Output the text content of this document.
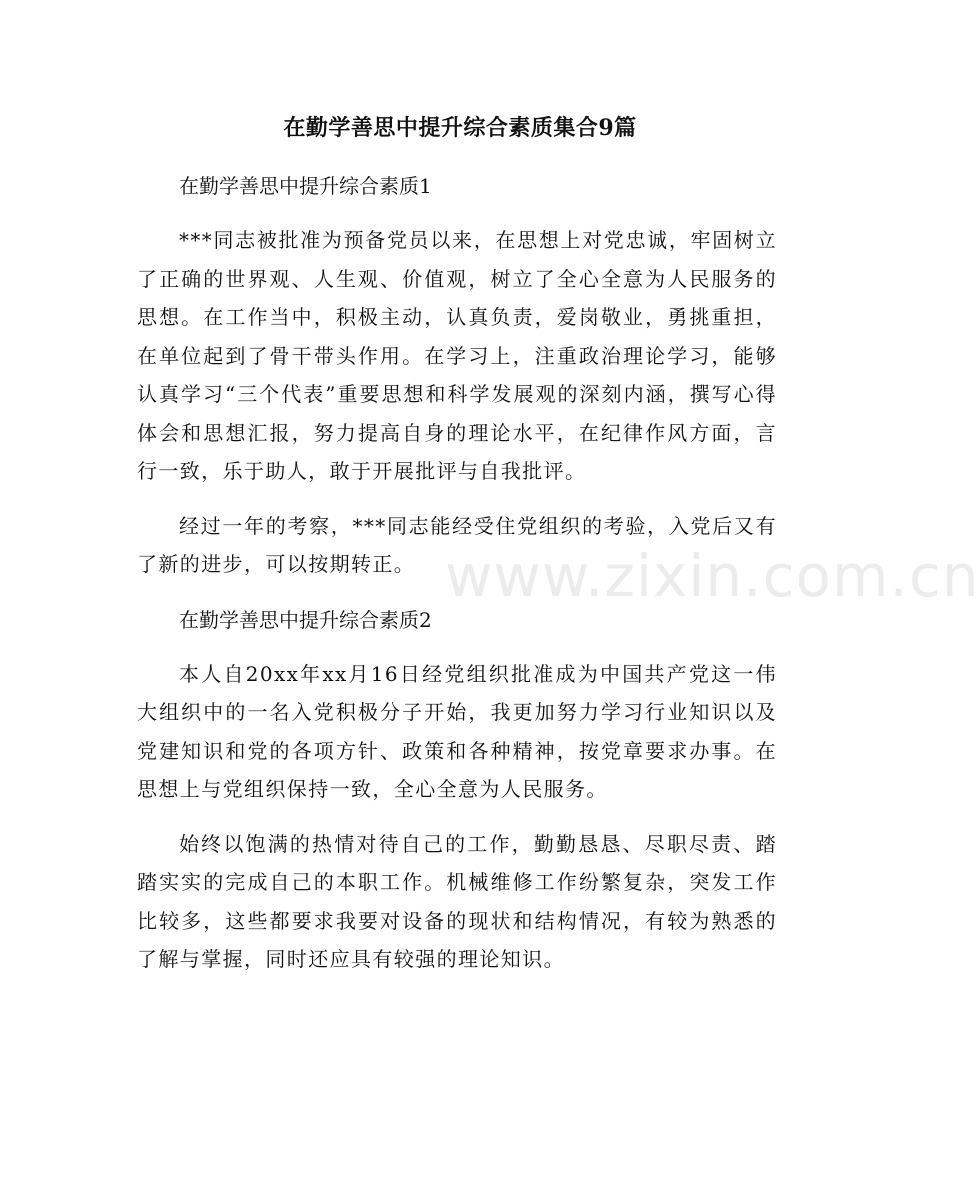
在勤学善思中提升综合素质集合9篇
在勤学善思中提升综合素质1

***同志被批准为预备党员以来，在思想上对党忠诚，牢固树立了正确的世界观、人生观、价值观，树立了全心全意为人民服务的思想。在工作当中，积极主动，认真负责，爱岗敬业，勇挑重担，在单位起到了骨干带头作用。在学习上，注重政治理论学习，能够认真学习“三个代表”重要思想和科学发展观的深刻内涵，撰写心得体会和思想汇报，努力提高自身的理论水平，在纪律作风方面，言行一致，乐于助人，敢于开展批评与自我批评。

经过一年的考察，***同志能经受住党组织的考验，入党后又有了新的进步，可以按期转正。

在勤学善思中提升综合素质2

本人自20xx年xx月16日经党组织批准成为中国共产党这一伟大组织中的一名入党积极分子开始，我更加努力学习行业知识以及党建知识和党的各项方针、政策和各种精神，按党章要求办事。在思想上与党组织保持一致，全心全意为人民服务。

始终以饱满的热情对待自己的工作，勤勤恳恳、尽职尽责、踏踏实实的完成自己的本职工作。机械维修工作纷繁复杂，突发工作比较多，这些都要求我要对设备的现状和结构情况，有较为熟悉的了解与掌握，同时还应具有较强的理论知识。

www.zixin.com.cn
